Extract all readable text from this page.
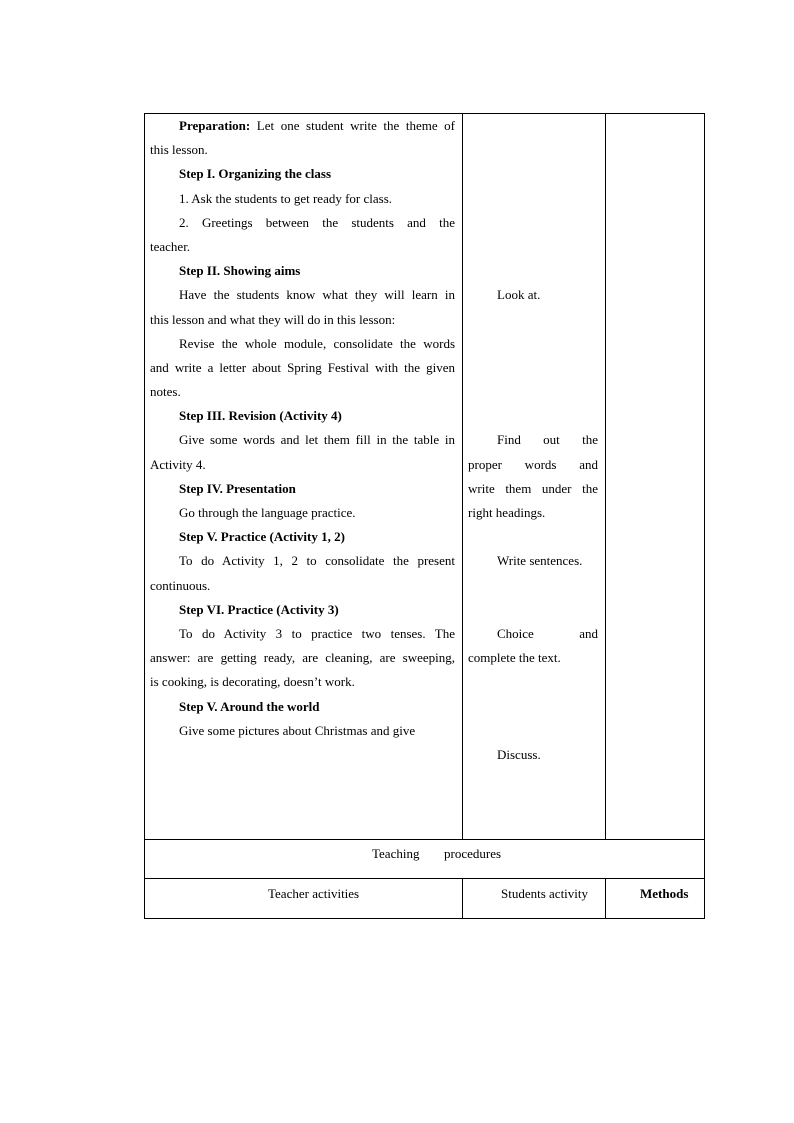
Preparation: Let one student write the theme of
this lesson.
Step I. Organizing the class
1. Ask the students to get ready for class.
2. Greetings between the students and the
teacher.
Step II. Showing aims
Have the students know what they will learn in
this lesson and what they will do in this lesson:
Revise the whole module, consolidate the words
and write a letter about Spring Festival with the given
notes.
Step III. Revision (Activity 4)
Give some words and let them fill in the table in
Activity 4.
Step IV. Presentation
Go through the language practice.
Step V. Practice (Activity 1, 2)
To do Activity 1, 2 to consolidate the present
continuous.
Step VI. Practice (Activity 3)
To do Activity 3 to practice two tenses. The
answer: are getting ready, are cleaning, are sweeping,
is cooking, is decorating, doesn’t work.
Step V. Around the world
Give some pictures about Christmas and give
Look at.
Find out the
proper words and
write them under the
right headings.
Write sentences.
Choice and
complete the text.
Discuss.
Teaching procedures
Teacher activities	Students activity	Methods
